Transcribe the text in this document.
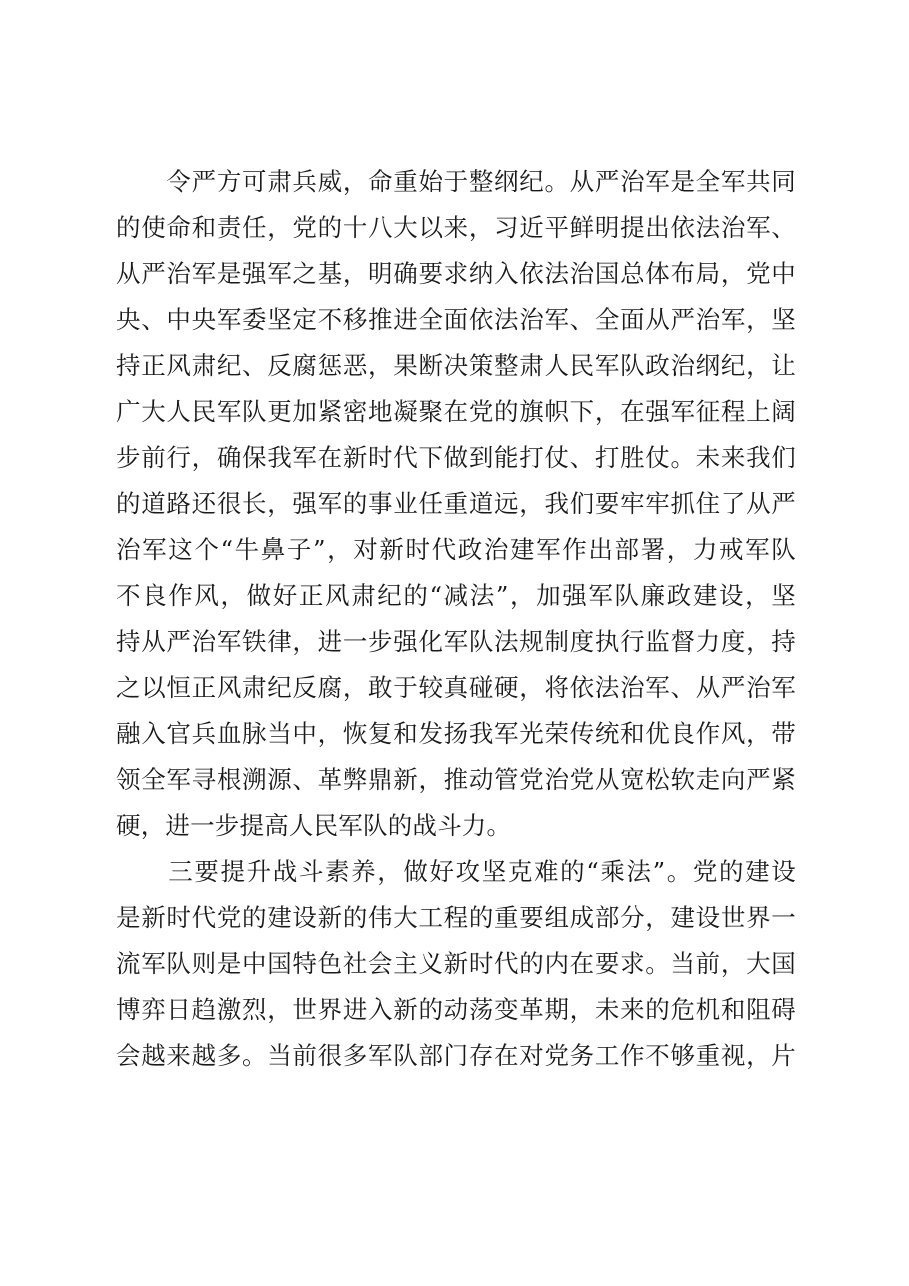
　　令严方可肃兵威，命重始于整纲纪。从严治军是全军共同
的使命和责任，党的十八大以来，习近平鲜明提出依法治军、
从严治军是强军之基，明确要求纳入依法治国总体布局，党中
央、中央军委坚定不移推进全面依法治军、全面从严治军，坚
持正风肃纪、反腐惩恶，果断决策整肃人民军队政治纲纪，让
广大人民军队更加紧密地凝聚在党的旗帜下，在强军征程上阔
步前行，确保我军在新时代下做到能打仗、打胜仗。未来我们
的道路还很长，强军的事业任重道远，我们要牢牢抓住了从严
治军这个“牛鼻子”，对新时代政治建军作出部署，力戒军队
不良作风，做好正风肃纪的“减法”，加强军队廉政建设，坚
持从严治军铁律，进一步强化军队法规制度执行监督力度，持
之以恒正风肃纪反腐，敢于较真碰硬，将依法治军、从严治军
融入官兵血脉当中，恢复和发扬我军光荣传统和优良作风，带
领全军寻根溯源、革弊鼎新，推动管党治党从宽松软走向严紧
硬，进一步提高人民军队的战斗力。

　　三要提升战斗素养，做好攻坚克难的“乘法”。党的建设
是新时代党的建设新的伟大工程的重要组成部分，建设世界一
流军队则是中国特色社会主义新时代的内在要求。当前，大国
博弈日趋激烈，世界进入新的动荡变革期，未来的危机和阻碍
会越来越多。当前很多军队部门存在对党务工作不够重视，片
